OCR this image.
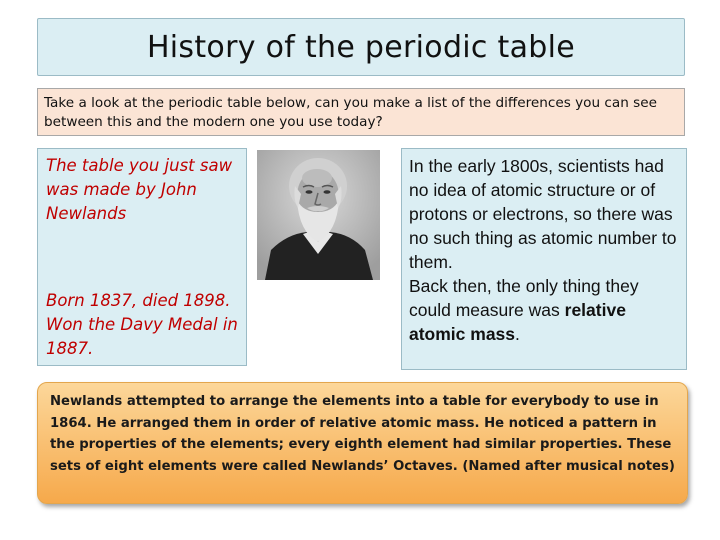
History of the periodic table
Take a look at the periodic table below, can you make a list of the differences you can see between this and the modern one you use today?

The table you just saw was made by John Newlands

Born 1837, died 1898. Won the Davy Medal in 1887.

In the early 1800s, scientists had no idea of atomic structure or of protons or electrons, so there was no such thing as atomic number to them.

Back then, the only thing they could measure was relative atomic mass.

Newlands attempted to arrange the elements into a table for everybody to use in 1864. He arranged them in order of relative atomic mass. He noticed a pattern in the properties of the elements; every eighth element had similar properties. These sets of eight elements were called Newlands’ Octaves. (Named after musical notes)
